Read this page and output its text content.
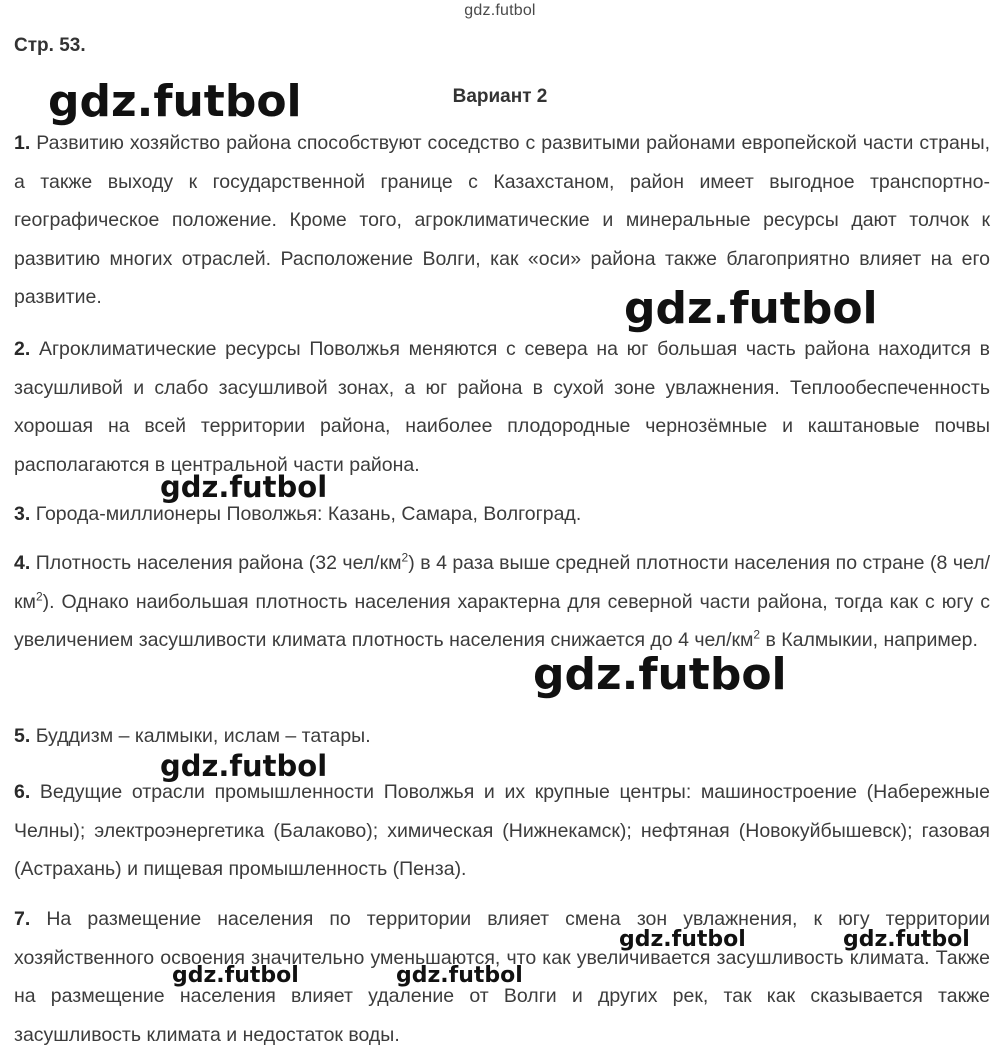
gdz.futbol
Стр. 53.
Вариант 2
1. Развитию хозяйство района способствуют соседство с развитыми районами европейской части страны, а также выходу к государственной границе с Казахстаном, район имеет выгодное транспортно-географическое положение. Кроме того, агроклиматические и минеральные ресурсы дают толчок к развитию многих отраслей. Расположение Волги, как «оси» района также благоприятно влияет на его развитие.
2. Агроклиматические ресурсы Поволжья меняются с севера на юг большая часть района находится в засушливой и слабо засушливой зонах, а юг района в сухой зоне увлажнения. Теплообеспеченность хорошая на всей территории района, наиболее плодородные чернозёмные и каштановые почвы располагаются в центральной части района.
3. Города-миллионеры Поволжья: Казань, Самара, Волгоград.
4. Плотность населения района (32 чел/$км^2$) в 4 раза выше средней плотности населения по стране (8 чел/$км^2$). Однако наибольшая плотность населения характерна для северной части района, тогда как с югу с увеличением засушливости климата плотность населения снижается до 4 чел/$км^2$ в Калмыкии, например.
5. Буддизм – калмыки, ислам – татары.
6. Ведущие отрасли промышленности Поволжья и их крупные центры: машиностроение (Набережные Челны); электроэнергетика (Балаково); химическая (Нижнекамск); нефтяная (Новокуйбышевск); газовая (Астрахань) и пищевая промышленность (Пенза).
7. На размещение населения по территории влияет смена зон увлажнения, к югу территории хозяйственного освоения значительно уменьшаются, что как увеличивается засушливость климата. Также на размещение населения влияет удаление от Волги и других рек, так как сказывается также засушливость климата и недостаток воды.
gdz.futbol
gdz.futbol
gdz.futbol
gdz.futbol
gdz.futbol
gdz.futbol	gdz.futbol
gdz.futbol	gdz.futbol
